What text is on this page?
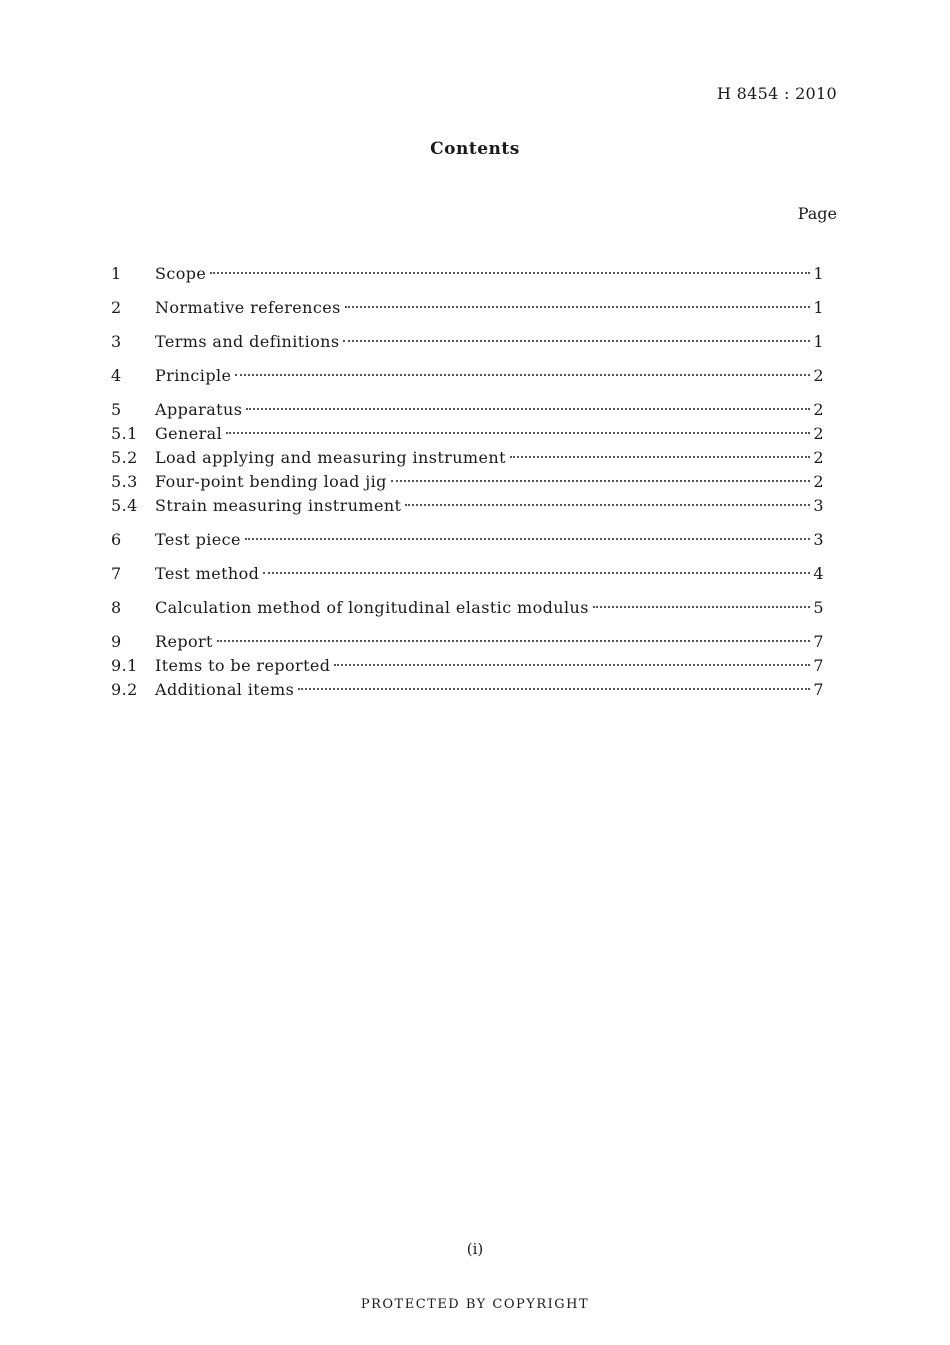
H 8454 : 2010
Contents
Page
1	Scope	1
2	Normative references	1
3	Terms and definitions	1
4	Principle	2
5	Apparatus	2
5.1	General	2
5.2	Load applying and measuring instrument	2
5.3	Four-point bending load jig	2
5.4	Strain measuring instrument	3
6	Test piece	3
7	Test method	4
8	Calculation method of longitudinal elastic modulus	5
9	Report	7
9.1	Items to be reported	7
9.2	Additional items	7
(i)
PROTECTED BY COPYRIGHT
